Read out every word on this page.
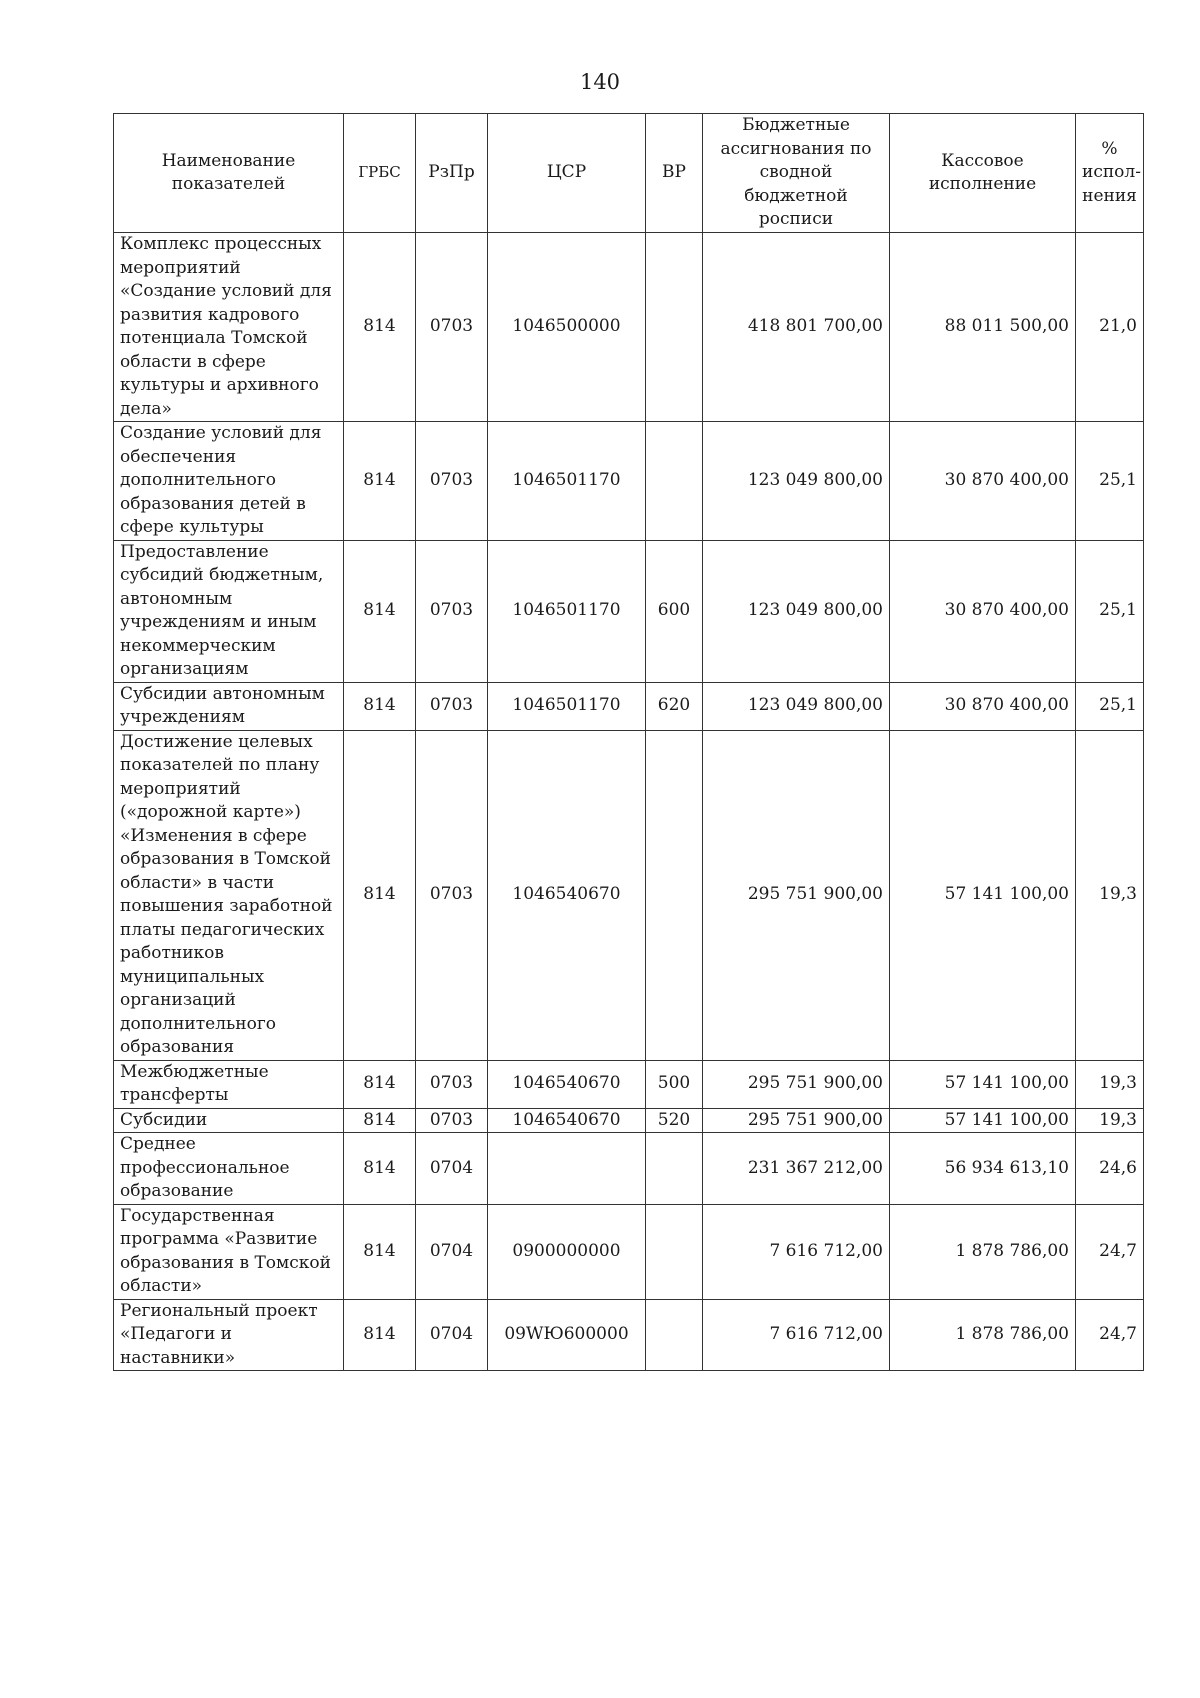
140
Наименование показателей	ГРБС	РзПр	ЦСР	ВР	Бюджетные ассигнования по сводной бюджетной росписи	Кассовое исполнение	% испол-нения
Комплекс процессных мероприятий «Создание условий для развития кадрового потенциала Томской области в сфере культуры и архивного дела»	814	0703	1046500000		418 801 700,00	88 011 500,00	21,0
Создание условий для обеспечения дополнительного образования детей в сфере культуры	814	0703	1046501170		123 049 800,00	30 870 400,00	25,1
Предоставление субсидий бюджетным, автономным учреждениям и иным некоммерческим организациям	814	0703	1046501170	600	123 049 800,00	30 870 400,00	25,1
Субсидии автономным учреждениям	814	0703	1046501170	620	123 049 800,00	30 870 400,00	25,1
Достижение целевых показателей по плану мероприятий («дорожной карте») «Изменения в сфере образования в Томской области» в части повышения заработной платы педагогических работников муниципальных организаций дополнительного образования	814	0703	1046540670		295 751 900,00	57 141 100,00	19,3
Межбюджетные трансферты	814	0703	1046540670	500	295 751 900,00	57 141 100,00	19,3
Субсидии	814	0703	1046540670	520	295 751 900,00	57 141 100,00	19,3
Среднее профессиональное образование	814	0704			231 367 212,00	56 934 613,10	24,6
Государственная программа «Развитие образования в Томской области»	814	0704	0900000000		7 616 712,00	1 878 786,00	24,7
Региональный проект «Педагоги и наставники»	814	0704	09WЮ600000		7 616 712,00	1 878 786,00	24,7
